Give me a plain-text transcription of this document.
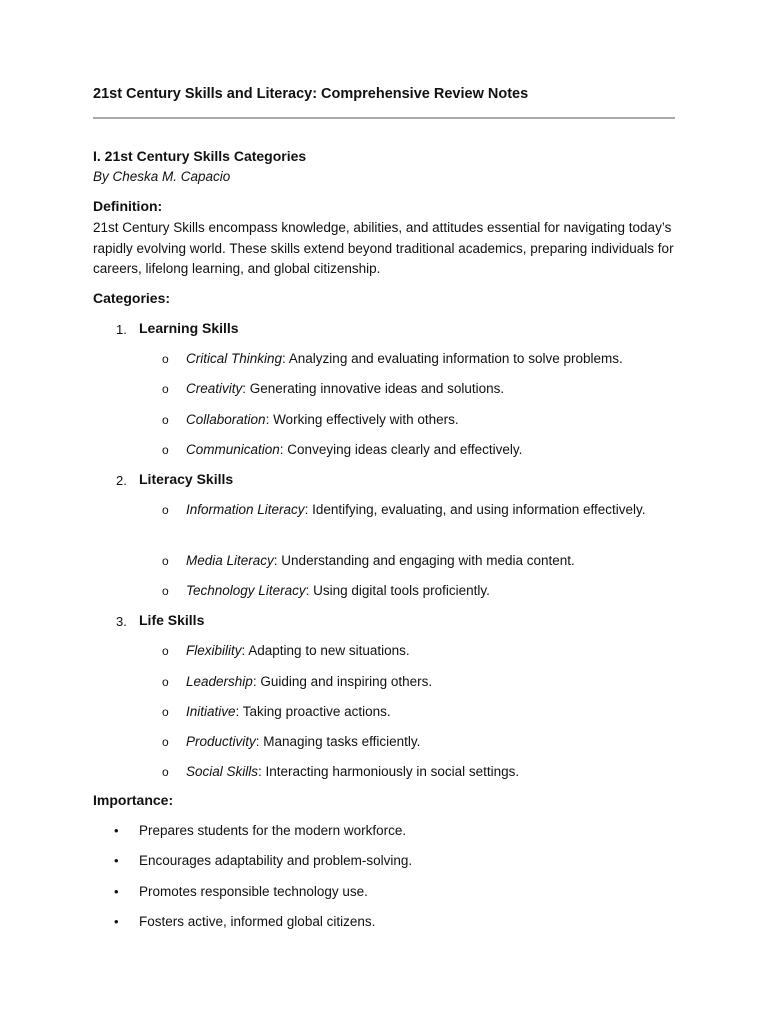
21st Century Skills and Literacy: Comprehensive Review Notes
I. 21st Century Skills Categories
By Cheska M. Capacio
Definition:
21st Century Skills encompass knowledge, abilities, and attitudes essential for navigating today’s rapidly evolving world. These skills extend beyond traditional academics, preparing individuals for careers, lifelong learning, and global citizenship.
Categories:
1. Learning Skills
o Critical Thinking: Analyzing and evaluating information to solve problems.
o Creativity: Generating innovative ideas and solutions.
o Collaboration: Working effectively with others.
o Communication: Conveying ideas clearly and effectively.
2. Literacy Skills
o Information Literacy: Identifying, evaluating, and using information effectively.
o Media Literacy: Understanding and engaging with media content.
o Technology Literacy: Using digital tools proficiently.
3. Life Skills
o Flexibility: Adapting to new situations.
o Leadership: Guiding and inspiring others.
o Initiative: Taking proactive actions.
o Productivity: Managing tasks efficiently.
o Social Skills: Interacting harmoniously in social settings.
Importance:
• Prepares students for the modern workforce.
• Encourages adaptability and problem-solving.
• Promotes responsible technology use.
• Fosters active, informed global citizens.
